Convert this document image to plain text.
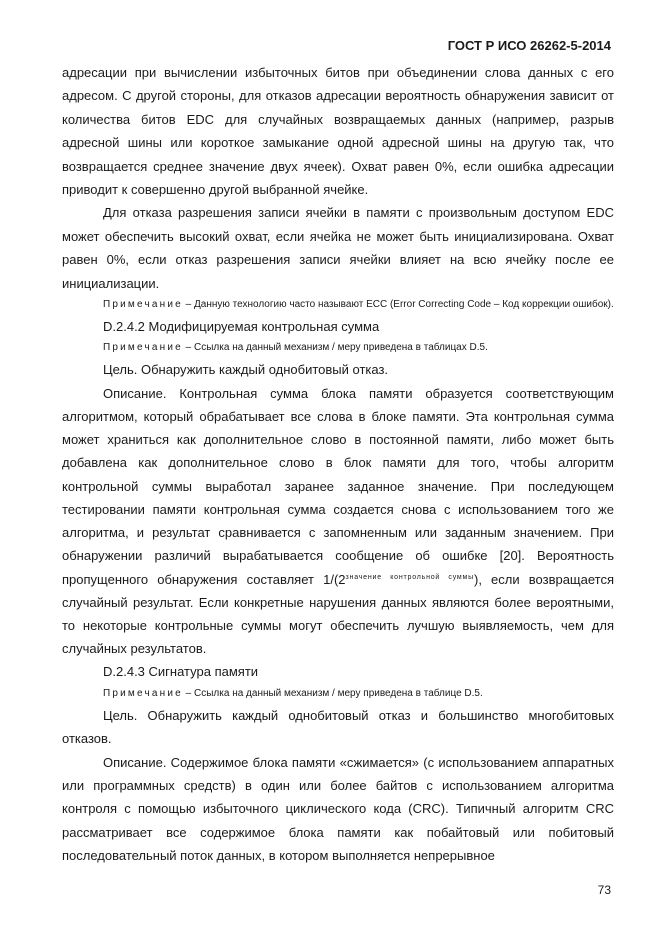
ГОСТ Р ИСО 26262-5-2014

адресации при вычислении избыточных битов при объединении слова данных с его адресом. С другой стороны, для отказов адресации вероятность обнаружения зависит от количества битов EDC для случайных возвращаемых данных (например, разрыв адресной шины или короткое замыкание одной адресной шины на другую так, что возвращается среднее значение двух ячеек). Охват равен 0%, если ошибка адресации приводит к совершенно другой выбранной ячейке.

Для отказа разрешения записи ячейки в памяти с произвольным доступом EDC может обеспечить высокий охват, если ячейка не может быть инициализирована. Охват равен 0%, если отказ разрешения записи ячейки влияет на всю ячейку после ее инициализации.

Примечание – Данную технологию часто называют ECC (Error Correcting Code – Код коррекции ошибок).

D.2.4.2 Модифицируемая контрольная сумма

Примечание – Ссылка на данный механизм / меру приведена в таблицах D.5.

Цель. Обнаружить каждый однобитовый отказ.

Описание. Контрольная сумма блока памяти образуется соответствующим алгоритмом, который обрабатывает все слова в блоке памяти. Эта контрольная сумма может храниться как дополнительное слово в постоянной памяти, либо может быть добавлена как дополнительное слово в блок памяти для того, чтобы алгоритм контрольной суммы выработал заранее заданное значение. При последующем тестировании памяти контрольная сумма создается снова с использованием того же алгоритма, и результат сравнивается с запомненным или заданным значением. При обнаружении различий вырабатывается сообщение об ошибке [20]. Вероятность пропущенного обнаружения составляет $1/(2^{значение контрольной суммы})$, если возвращается случайный результат. Если конкретные нарушения данных являются более вероятными, то некоторые контрольные суммы могут обеспечить лучшую выявляемость, чем для случайных результатов.

D.2.4.3 Сигнатура памяти

Примечание – Ссылка на данный механизм / меру приведена в таблице D.5.

Цель. Обнаружить каждый однобитовый отказ и большинство многобитовых отказов.

Описание. Содержимое блока памяти «сжимается» (с использованием аппаратных или программных средств) в один или более байтов с использованием алгоритма контроля с помощью избыточного циклического кода (CRC). Типичный алгоритм CRC рассматривает все содержимое блока памяти как побайтовый или побитовый последовательный поток данных, в котором выполняется непрерывное

73
